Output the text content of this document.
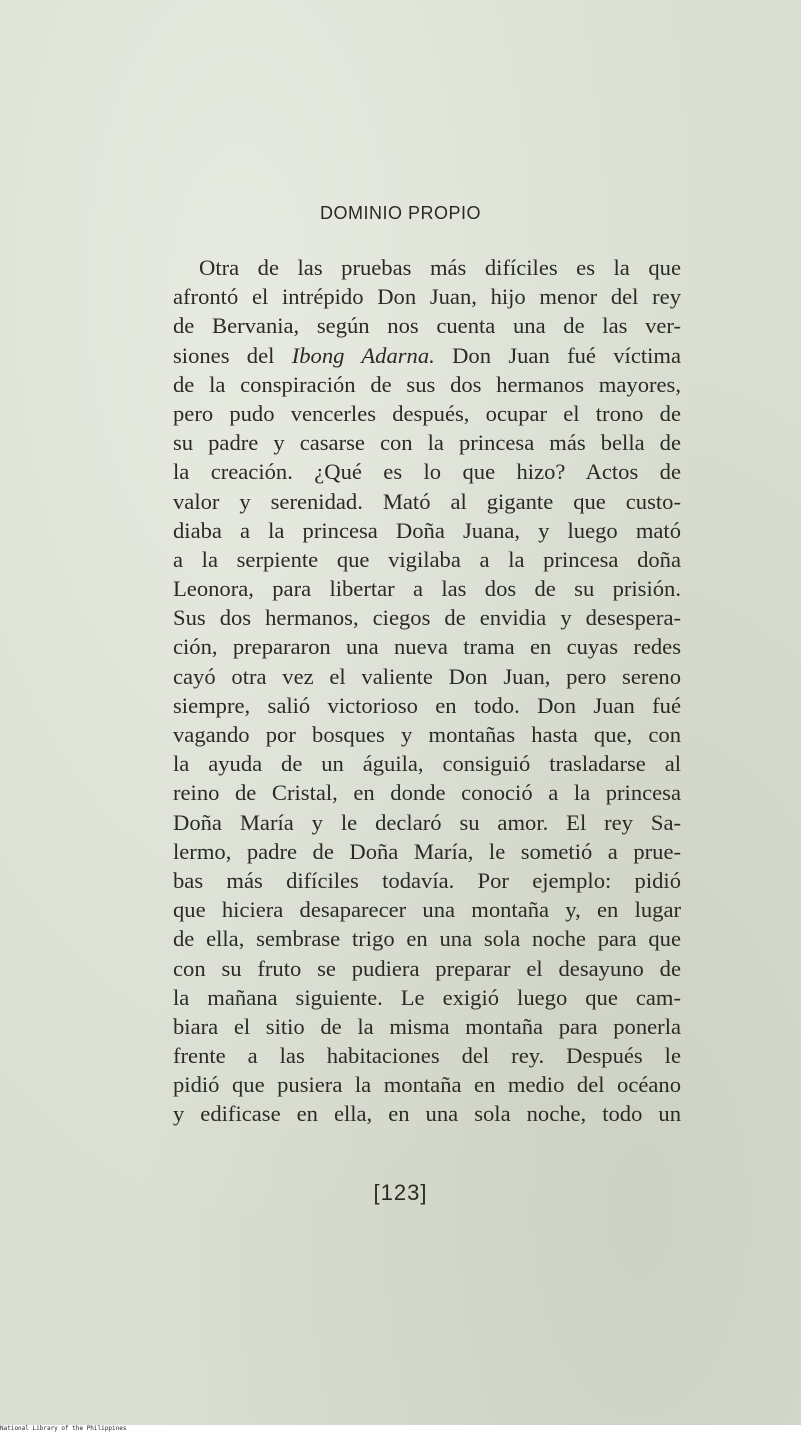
DOMINIO PROPIO
Otra de las pruebas más difíciles es la que
afrontó el intrépido Don Juan, hijo menor del rey
de Bervania, según nos cuenta una de las ver-
siones del Ibong Adarna. Don Juan fué víctima
de la conspiración de sus dos hermanos mayores,
pero pudo vencerles después, ocupar el trono de
su padre y casarse con la princesa más bella de
la creación. ¿Qué es lo que hizo? Actos de
valor y serenidad. Mató al gigante que custo-
diaba a la princesa Doña Juana, y luego mató
a la serpiente que vigilaba a la princesa doña
Leonora, para libertar a las dos de su prisión.
Sus dos hermanos, ciegos de envidia y desespera-
ción, prepararon una nueva trama en cuyas redes
cayó otra vez el valiente Don Juan, pero sereno
siempre, salió victorioso en todo. Don Juan fué
vagando por bosques y montañas hasta que, con
la ayuda de un águila, consiguió trasladarse al
reino de Cristal, en donde conoció a la princesa
Doña María y le declaró su amor. El rey Sa-
lermo, padre de Doña María, le sometió a prue-
bas más difíciles todavía. Por ejemplo: pidió
que hiciera desaparecer una montaña y, en lugar
de ella, sembrase trigo en una sola noche para que
con su fruto se pudiera preparar el desayuno de
la mañana siguiente. Le exigió luego que cam-
biara el sitio de la misma montaña para ponerla
frente a las habitaciones del rey. Después le
pidió que pusiera la montaña en medio del océano
y edificase en ella, en una sola noche, todo un
[123]
National Library of the Philippines
